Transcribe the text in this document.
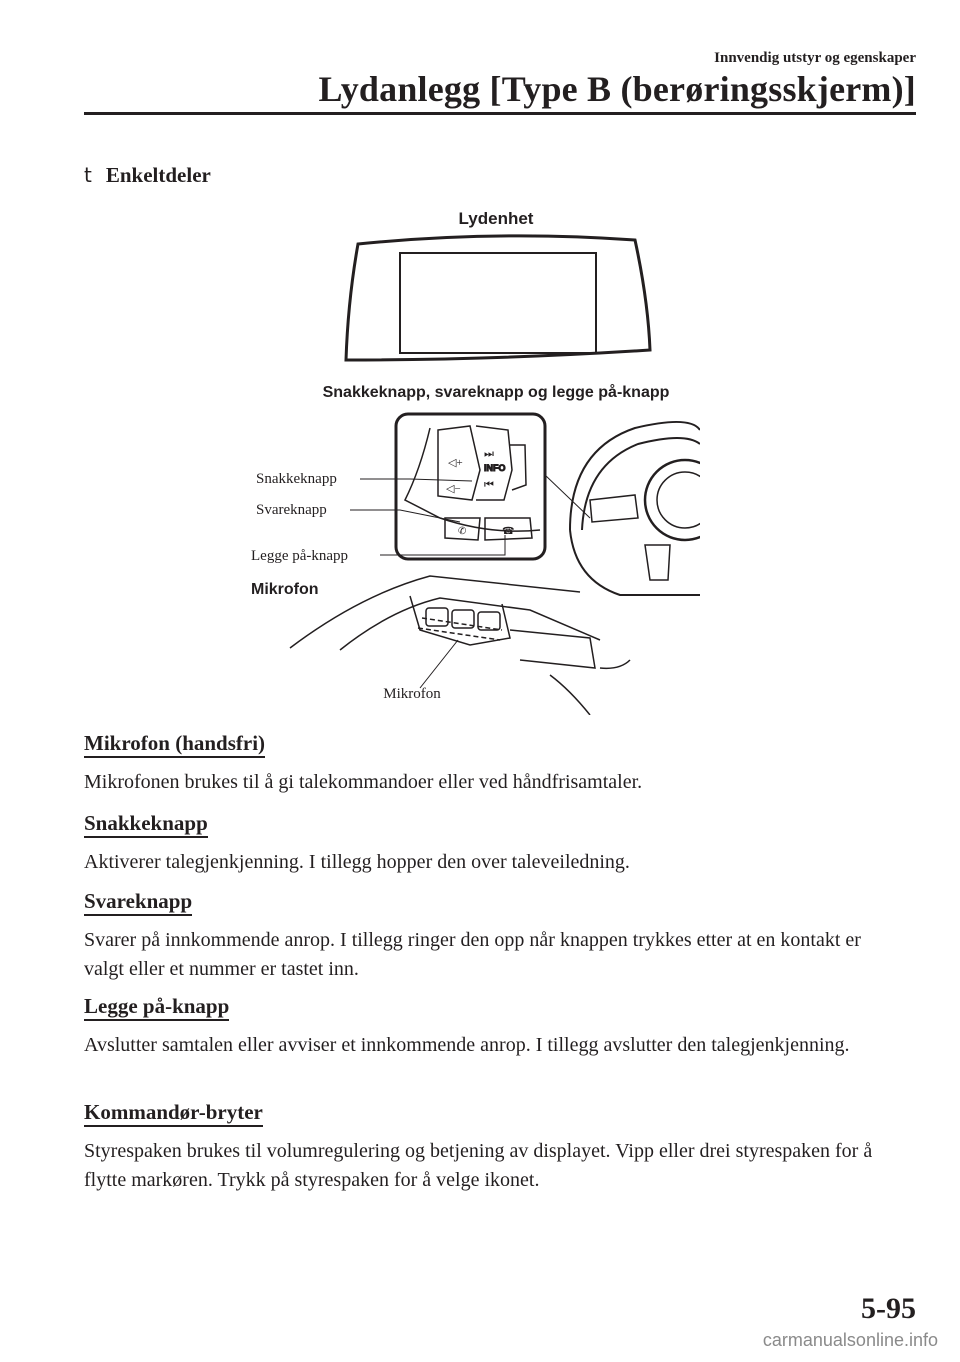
Innvendig utstyr og egenskaper
Lydanlegg [Type B (berøringsskjerm)]
t Enkeltdeler
Lydenhet
Snakkeknapp, svareknapp og legge på-knapp
◁+
◁−
⏭
INFO
⏮
✆	☎
Snakkeknapp
Svareknapp
Legge på-knapp
Mikrofon
Mikrofon
Mikrofon (handsfri)

Mikrofonen brukes til å gi talekommandoer eller ved håndfrisamtaler.

Snakkeknapp

Aktiverer talegjenkjenning. I tillegg hopper den over taleveiledning.

Svareknapp

Svarer på innkommende anrop. I tillegg ringer den opp når knappen trykkes etter at en kontakt er valgt eller et nummer er tastet inn.

Legge på-knapp

Avslutter samtalen eller avviser et innkommende anrop. I tillegg avslutter den talegjenkjenning.

Kommandør-bryter

Styrespaken brukes til volumregulering og betjening av displayet. Vipp eller drei styrespaken for å flytte markøren. Trykk på styrespaken for å velge ikonet.

5-95
carmanualsonline.info
